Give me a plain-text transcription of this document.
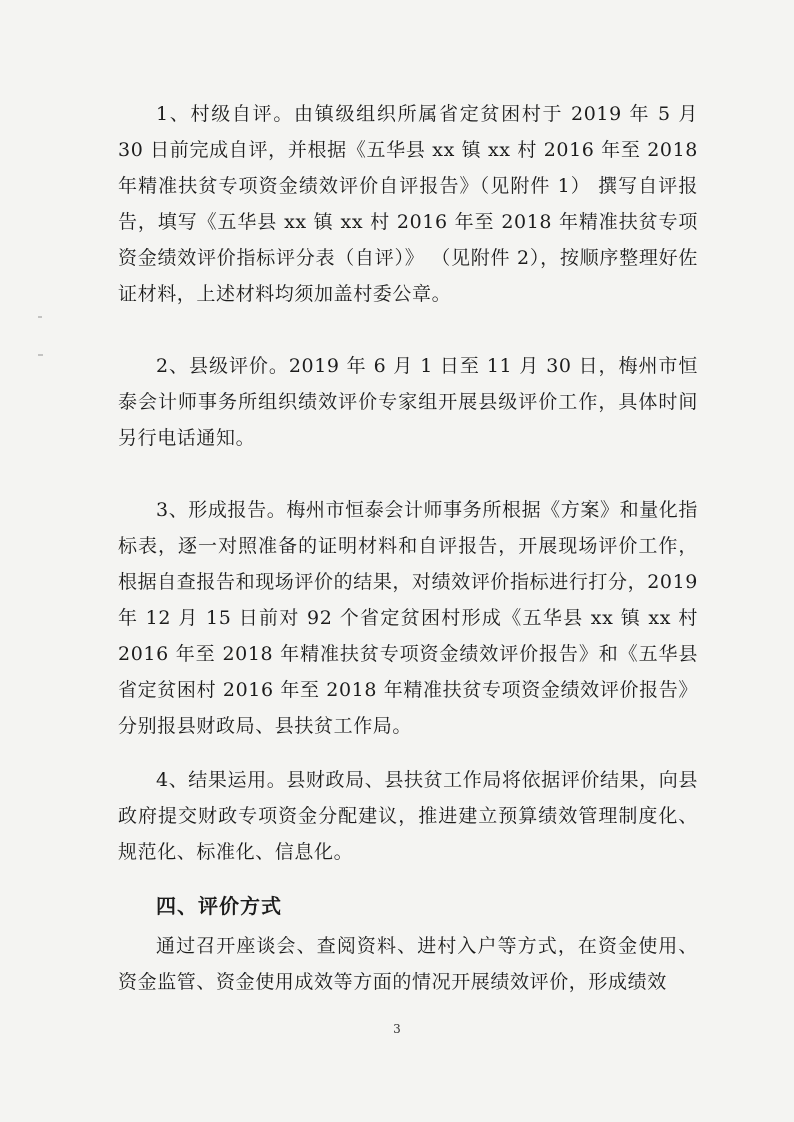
1、村级自评。由镇级组织所属省定贫困村于 2019 年 5 月 30 日前完成自评，并根据《五华县 xx 镇 xx 村 2016 年至 2018 年精准扶贫专项资金绩效评价自评报告》（见附件 1） 撰写自评报告，填写《五华县 xx 镇 xx 村 2016 年至 2018 年精准扶贫专项资金绩效评价指标评分表（自评）》 （见附件 2），按顺序整理好佐证材料，上述材料均须加盖村委公章。

2、县级评价。2019 年 6 月 1 日至 11 月 30 日，梅州市恒泰会计师事务所组织绩效评价专家组开展县级评价工作，具体时间另行电话通知。

3、形成报告。梅州市恒泰会计师事务所根据《方案》和量化指标表，逐一对照准备的证明材料和自评报告，开展现场评价工作，根据自查报告和现场评价的结果，对绩效评价指标进行打分，2019 年 12 月 15 日前对 92 个省定贫困村形成《五华县 xx 镇 xx 村 2016 年至 2018 年精准扶贫专项资金绩效评价报告》和《五华县省定贫困村 2016 年至 2018 年精准扶贫专项资金绩效评价报告》分别报县财政局、县扶贫工作局。

4、结果运用。县财政局、县扶贫工作局将依据评价结果，向县政府提交财政专项资金分配建议，推进建立预算绩效管理制度化、规范化、标准化、信息化。

四、评价方式

通过召开座谈会、查阅资料、进村入户等方式，在资金使用、资金监管、资金使用成效等方面的情况开展绩效评价，形成绩效

3
